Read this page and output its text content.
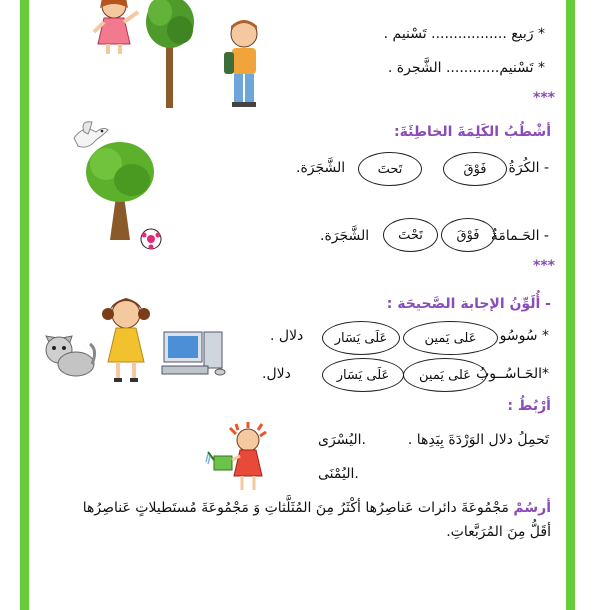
* رَبيع ................. تَسْنيم .
* تَسْنيم............ الشَّجرة .
***
أشْطُبُ الكَلِمَةَ الخاطِئَةَ:
- الكُرَةُ
فَوْقَ
تَحتَ
الشَّجَرَة.
- الحَـمامَةُ
فَوْقَ
تَحْتَ
الشَّجَرَة.
***
- أُلَوِّنُ الإجابة الصَّحيحَة :
* سُوسُو
عَلى يَمين
عَلَى يَسَار
دلال .
*الحَـاسُــوبُ
عَلى يَمين
عَلَى يَسَار
دلال.
أرْبُطُ :
تَحمِلُ دلال الوَرْدَةَ بِيَدِها .
.اليُسْرَى
.اليُمْنَى
أرسُمْ مَجْمُوعَةَ دائرات عَناصِرُها أكْثَرُ مِنَ المُثَلَّثاتِ وَ مَجْمُوعَةَ مُستَطيلاتٍ عَناصِرُها
أقَلُّ مِنَ المُرَبَّعاتِ.
